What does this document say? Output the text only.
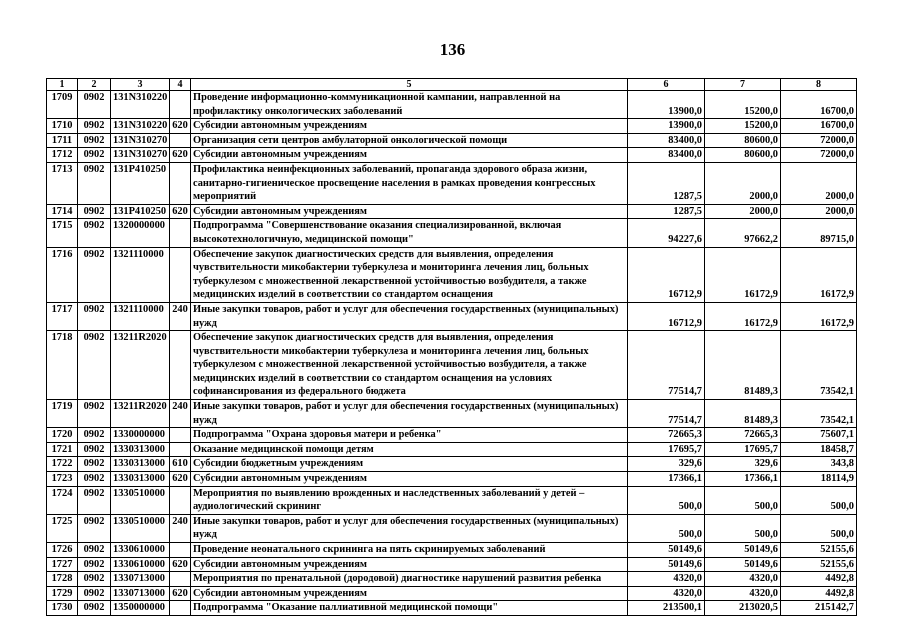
136
1	2	3	4	5	6	7	8
1709	0902	131N310220		Проведение информационно-коммуникационной кампании, направленной на профилактику онкологических заболеваний	13900,0	15200,0	16700,0
1710	0902	131N310220	620	Субсидии автономным учреждениям	13900,0	15200,0	16700,0
1711	0902	131N310270		Организация сети центров амбулаторной онкологической помощи	83400,0	80600,0	72000,0
1712	0902	131N310270	620	Субсидии автономным учреждениям	83400,0	80600,0	72000,0
1713	0902	131P410250		Профилактика неинфекционных заболеваний, пропаганда здорового образа жизни, санитарно-гигиеническое просвещение населения в рамках проведения конгрессных мероприятий	1287,5	2000,0	2000,0
1714	0902	131P410250	620	Субсидии автономным учреждениям	1287,5	2000,0	2000,0
1715	0902	1320000000		Подпрограмма "Совершенствование оказания специализированной, включая высокотехнологичную, медицинской помощи"	94227,6	97662,2	89715,0
1716	0902	1321110000		Обеспечение закупок диагностических средств для выявления, определения чувствительности микобактерии туберкулеза и мониторинга лечения лиц, больных туберкулезом с множественной лекарственной устойчивостью возбудителя, а также медицинских изделий в соответствии со стандартом оснащения	16712,9	16172,9	16172,9
1717	0902	1321110000	240	Иные закупки товаров, работ и услуг для обеспечения государственных (муниципальных) нужд	16712,9	16172,9	16172,9
1718	0902	13211R2020		Обеспечение закупок диагностических средств для выявления, определения чувствительности микобактерии туберкулеза и мониторинга лечения лиц, больных туберкулезом с множественной лекарственной устойчивостью возбудителя, а также медицинских изделий в соответствии со стандартом оснащения на условиях софинансирования из федерального бюджета	77514,7	81489,3	73542,1
1719	0902	13211R2020	240	Иные закупки товаров, работ и услуг для обеспечения государственных (муниципальных) нужд	77514,7	81489,3	73542,1
1720	0902	1330000000		Подпрограмма "Охрана здоровья матери и ребенка"	72665,3	72665,3	75607,1
1721	0902	1330313000		Оказание медицинской помощи детям	17695,7	17695,7	18458,7
1722	0902	1330313000	610	Субсидии бюджетным учреждениям	329,6	329,6	343,8
1723	0902	1330313000	620	Субсидии автономным учреждениям	17366,1	17366,1	18114,9
1724	0902	1330510000		Мероприятия по выявлению врожденных и наследственных заболеваний у детей – аудиологический скрининг	500,0	500,0	500,0
1725	0902	1330510000	240	Иные закупки товаров, работ и услуг для обеспечения государственных (муниципальных) нужд	500,0	500,0	500,0
1726	0902	1330610000		Проведение неонатального скрининга на пять скринируемых заболеваний	50149,6	50149,6	52155,6
1727	0902	1330610000	620	Субсидии автономным учреждениям	50149,6	50149,6	52155,6
1728	0902	1330713000		Мероприятия по пренатальной (дородовой) диагностике нарушений развития ребенка	4320,0	4320,0	4492,8
1729	0902	1330713000	620	Субсидии автономным учреждениям	4320,0	4320,0	4492,8
1730	0902	1350000000		Подпрограмма "Оказание паллиативной медицинской помощи"	213500,1	213020,5	215142,7
